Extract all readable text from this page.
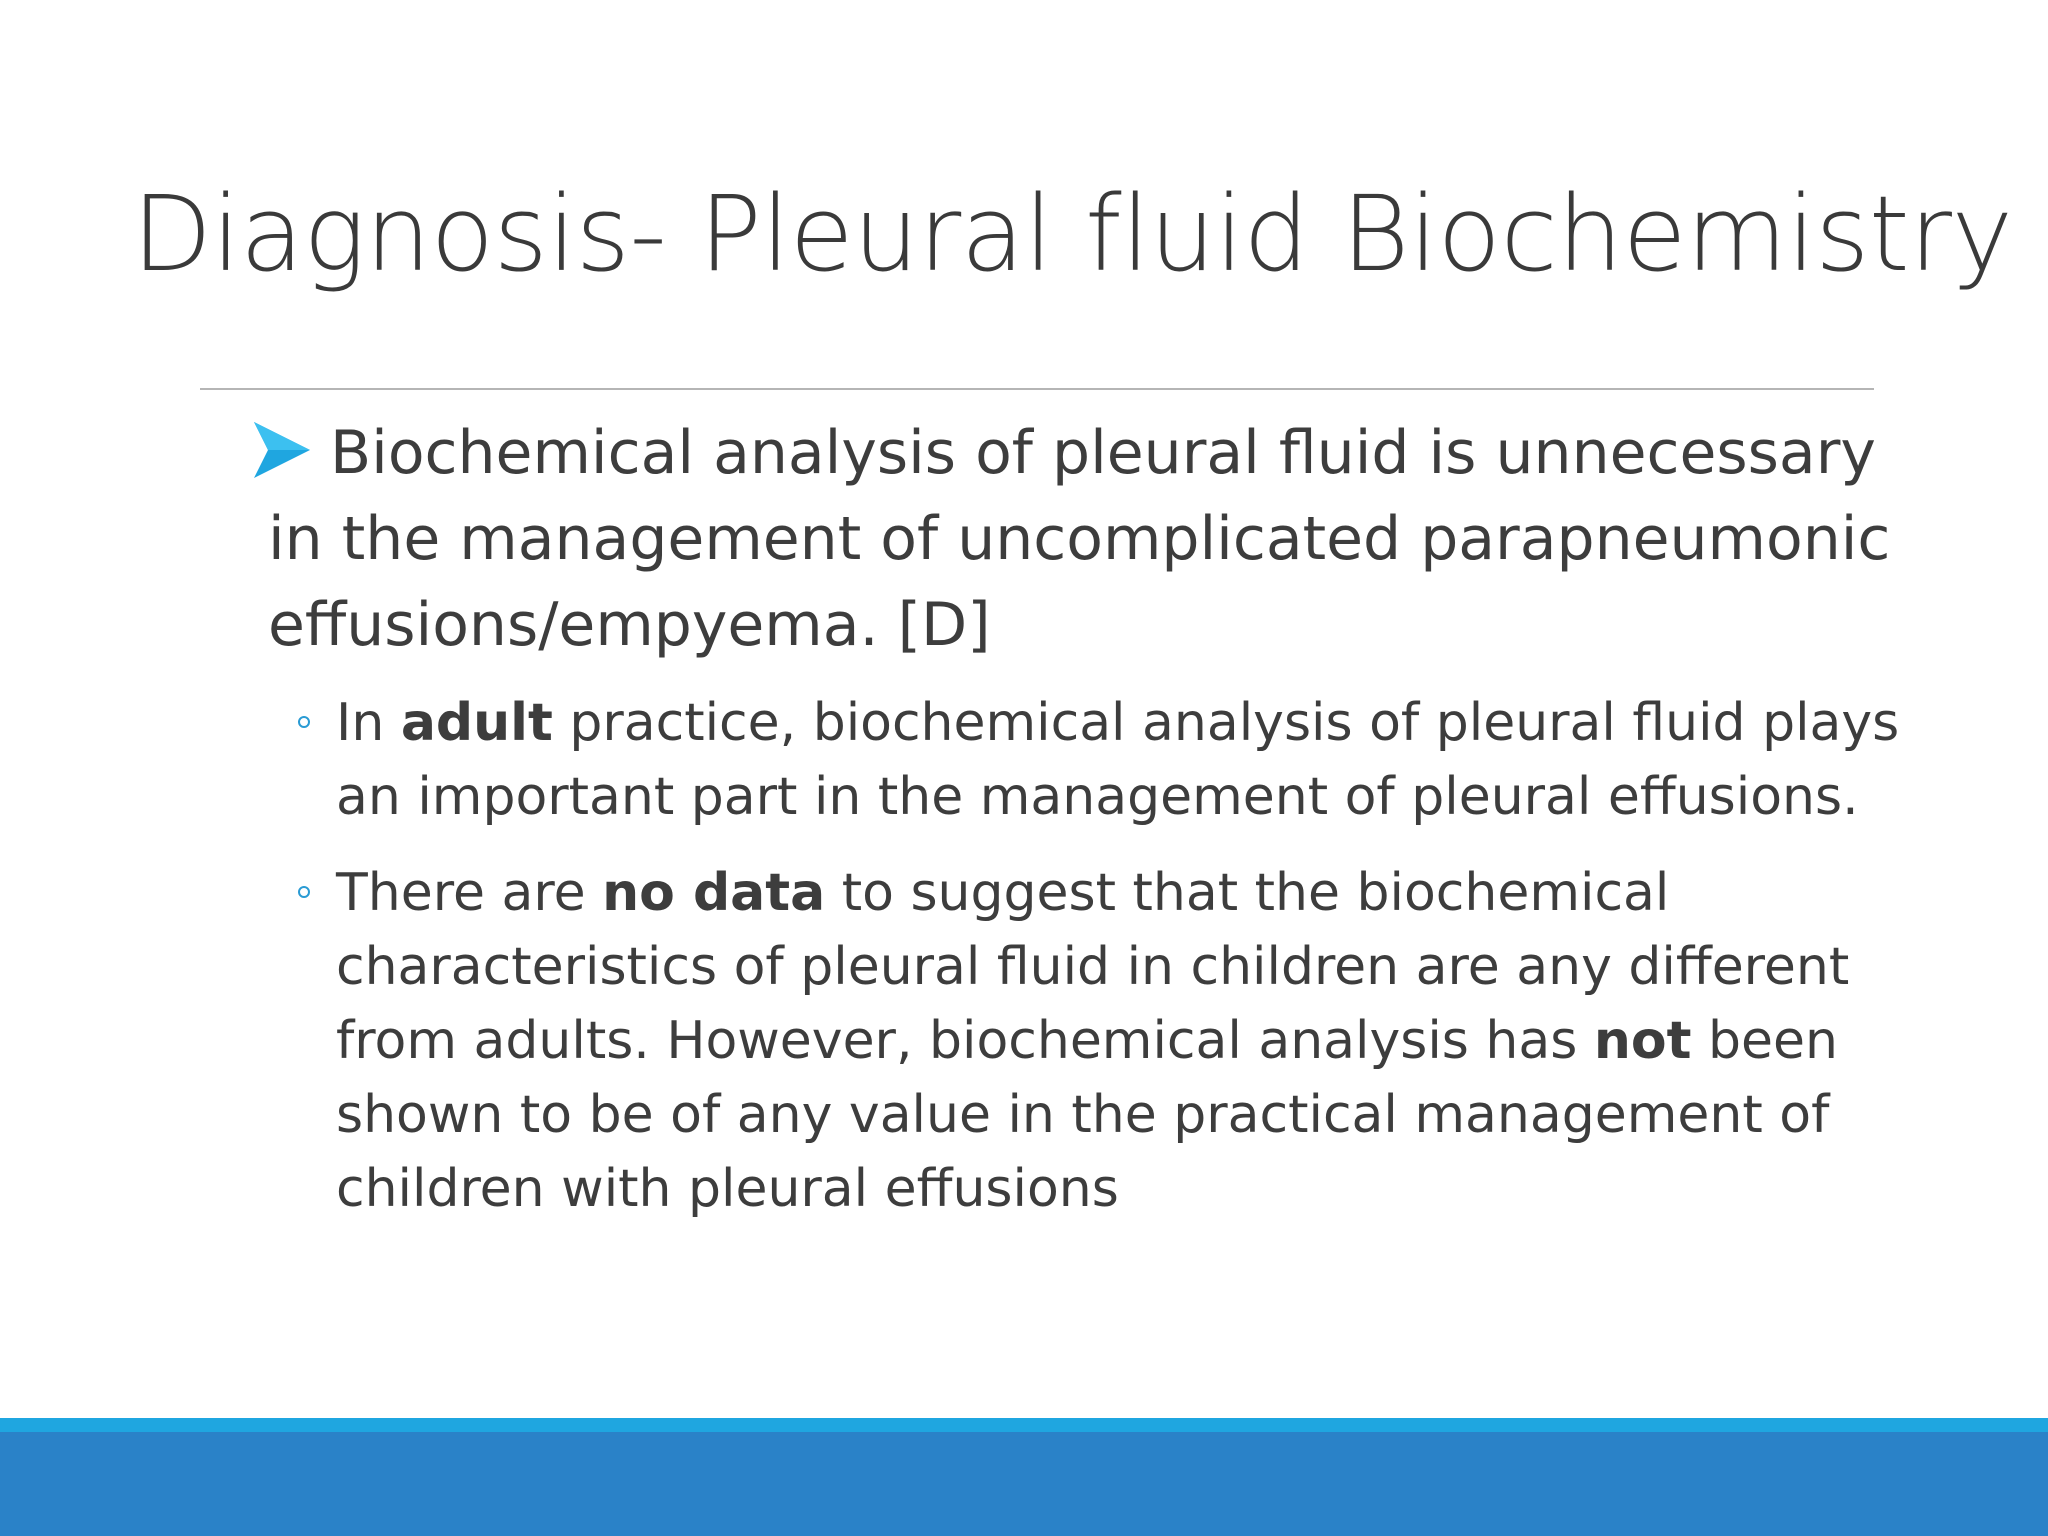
Diagnosis- Pleural fluid Biochemistry
Biochemical analysis of pleural fluid is unnecessary in the management of uncomplicated parapneumonic effusions/empyema. [D]
In adult practice, biochemical analysis of pleural fluid plays an important part in the management of pleural effusions.
There are no data to suggest that the biochemical characteristics of pleural fluid in children are any different from adults. However, biochemical analysis has not been shown to be of any value in the practical management of children with pleural effusions
